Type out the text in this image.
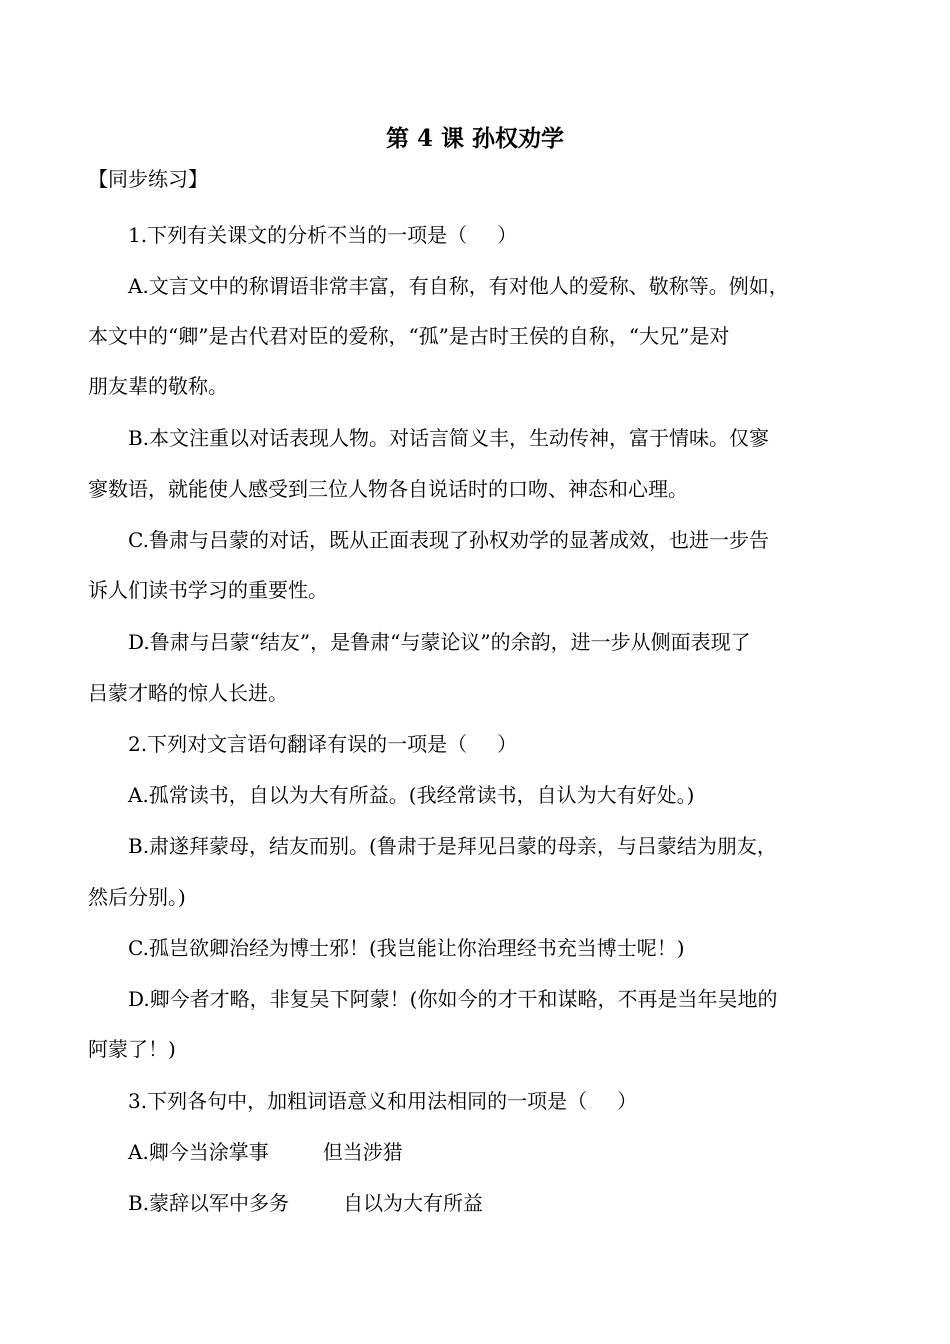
第 4 课 孙权劝学
【同步练习】
1.下列有关课文的分析不当的一项是（ ）
A.文言文中的称谓语非常丰富，有自称，有对他人的爱称、敬称等。例如，
本文中的“卿”是古代君对臣的爱称，“孤”是古时王侯的自称，“大兄”是对
朋友辈的敬称。
B.本文注重以对话表现人物。对话言简义丰，生动传神，富于情味。仅寥
寥数语，就能使人感受到三位人物各自说话时的口吻、神态和心理。
C.鲁肃与吕蒙的对话，既从正面表现了孙权劝学的显著成效，也进一步告
诉人们读书学习的重要性。
D.鲁肃与吕蒙“结友”，是鲁肃“与蒙论议”的余韵，进一步从侧面表现了
吕蒙才略的惊人长进。
2.下列对文言语句翻译有误的一项是（ ）
A.孤常读书，自以为大有所益。(我经常读书，自认为大有好处。)
B.肃遂拜蒙母，结友而别。(鲁肃于是拜见吕蒙的母亲，与吕蒙结为朋友，
然后分别。)
C.孤岂欲卿治经为博士邪！(我岂能让你治理经书充当博士呢！)
D.卿今者才略，非复吴下阿蒙！(你如今的才干和谋略，不再是当年吴地的
阿蒙了！)
3.下列各句中，加粗词语意义和用法相同的一项是（ ）
A.卿今当涂掌事	但当涉猎
B.蒙辞以军中多务	自以为大有所益
